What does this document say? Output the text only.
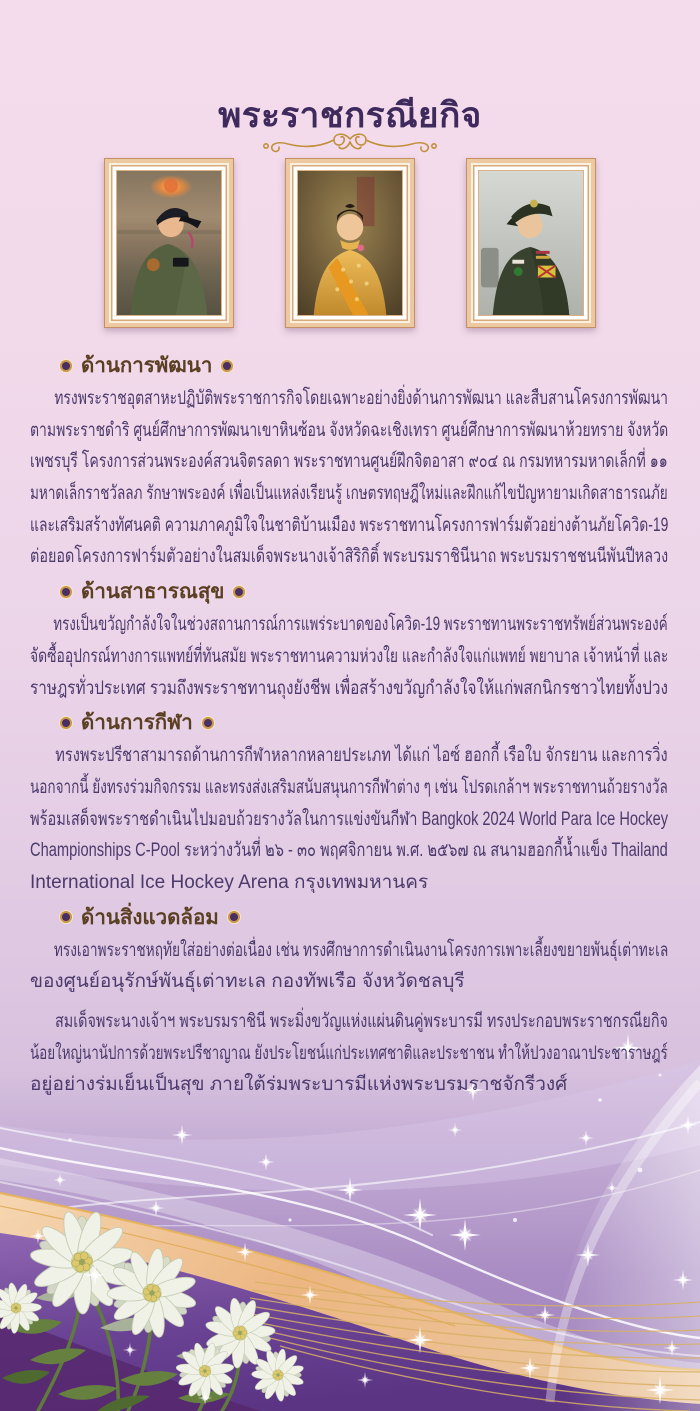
พระราชกรณียกิจ
ด้านการพัฒนา
ทรงพระราชอุตสาหะปฏิบัติพระราชการกิจโดยเฉพาะอย่างยิ่งด้านการพัฒนา และสืบสานโครงการพัฒนา
ตามพระราชดำริ ศูนย์ศึกษาการพัฒนาเขาหินซ้อน จังหวัดฉะเชิงเทรา ศูนย์ศึกษาการพัฒนาห้วยทราย จังหวัด
เพชรบุรี โครงการส่วนพระองค์สวนจิตรลดา พระราชทานศูนย์ฝึกจิตอาสา ๙๐๔ ณ กรมทหารมหาดเล็กที่ ๑๑
มหาดเล็กราชวัลลภ รักษาพระองค์ เพื่อเป็นแหล่งเรียนรู้ เกษตรทฤษฎีใหม่และฝึกแก้ไขปัญหายามเกิดสาธารณภัย
และเสริมสร้างทัศนคติ ความภาคภูมิใจในชาติบ้านเมือง พระราชทานโครงการฟาร์มตัวอย่างต้านภัยโควิด-19
ต่อยอดโครงการฟาร์มตัวอย่างในสมเด็จพระนางเจ้าสิริกิติ์ พระบรมราชินีนาถ พระบรมราชชนนีพันปีหลวง
ด้านสาธารณสุข
ทรงเป็นขวัญกำลังใจในช่วงสถานการณ์การแพร่ระบาดของโควิด-19 พระราชทานพระราชทรัพย์ส่วนพระองค์
จัดซื้ออุปกรณ์ทางการแพทย์ที่ทันสมัย พระราชทานความห่วงใย และกำลังใจแก่แพทย์ พยาบาล เจ้าหน้าที่ และ
ราษฎรทั่วประเทศ รวมถึงพระราชทานถุงยังชีพ เพื่อสร้างขวัญกำลังใจให้แก่พสกนิกรชาวไทยทั้งปวง
ด้านการกีฬา
ทรงพระปรีชาสามารถด้านการกีฬาหลากหลายประเภท ได้แก่ ไอซ์ ฮอกกี้ เรือใบ จักรยาน และการวิ่ง
นอกจากนี้ ยังทรงร่วมกิจกรรม และทรงส่งเสริมสนับสนุนการกีฬาต่าง ๆ เช่น โปรดเกล้าฯ พระราชทานถ้วยรางวัล
พร้อมเสด็จพระราชดำเนินไปมอบถ้วยรางวัลในการแข่งขันกีฬา Bangkok 2024 World Para Ice Hockey
Championships C-Pool ระหว่างวันที่ ๒๖ - ๓๐ พฤศจิกายน พ.ศ. ๒๕๖๗ ณ สนามฮอกกี้น้ำแข็ง Thailand
International Ice Hockey Arena กรุงเทพมหานคร
ด้านสิ่งแวดล้อม
ทรงเอาพระราชหฤทัยใส่อย่างต่อเนื่อง เช่น ทรงศึกษาการดำเนินงานโครงการเพาะเลี้ยงขยายพันธุ์เต่าทะเล
ของศูนย์อนุรักษ์พันธุ์เต่าทะเล กองทัพเรือ จังหวัดชลบุรี
สมเด็จพระนางเจ้าฯ พระบรมราชินี พระมิ่งขวัญแห่งแผ่นดินคู่พระบารมี ทรงประกอบพระราชกรณียกิจ
น้อยใหญ่นานัปการด้วยพระปรีชาญาณ ยังประโยชน์แก่ประเทศชาติและประชาชน ทำให้ปวงอาณาประชาราษฎร์
อยู่อย่างร่มเย็นเป็นสุข ภายใต้ร่มพระบารมีแห่งพระบรมราชจักรีวงศ์
